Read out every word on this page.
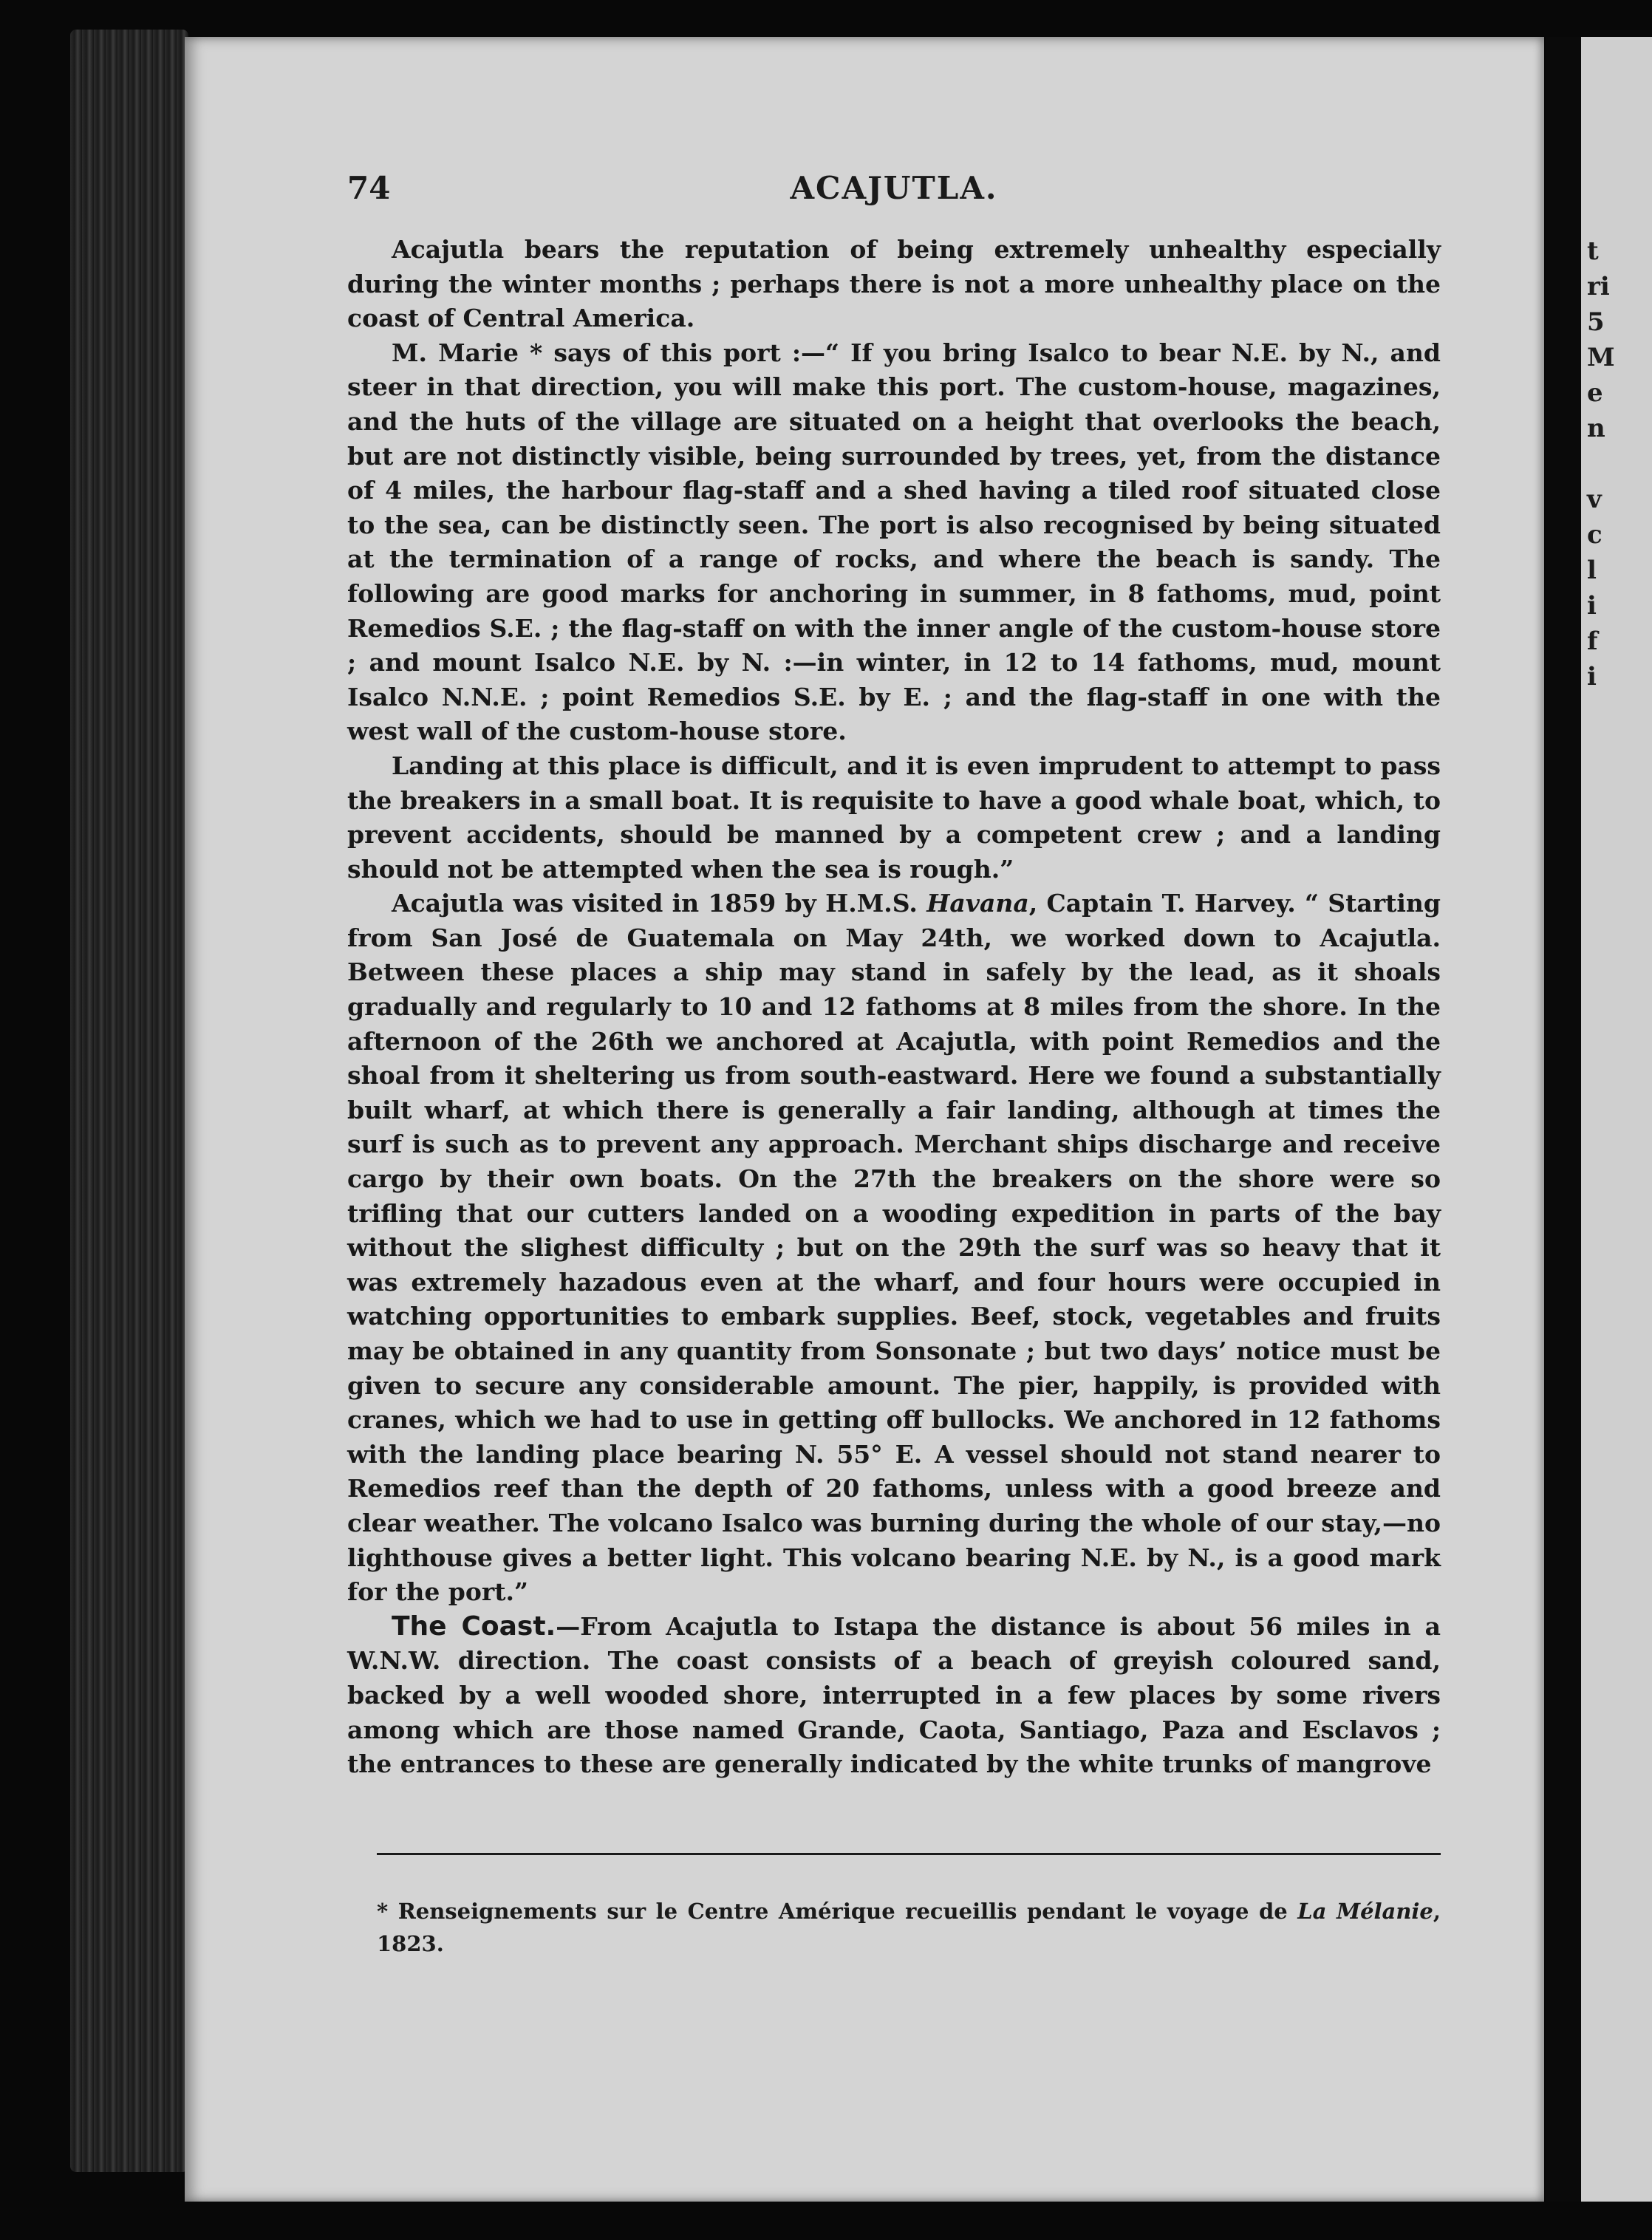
t
ri
5
M
e
n
v
c
l
i
f
i
74	ACAJUTLA.

Acajutla bears the reputation of being extremely unhealthy especially during the winter months ; perhaps there is not a more unhealthy place on the coast of Central America.

M. Marie * says of this port :—“ If you bring Isalco to bear N.E. by N., and steer in that direction, you will make this port. The custom-house, magazines, and the huts of the village are situated on a height that overlooks the beach, but are not distinctly visible, being surrounded by trees, yet, from the distance of 4 miles, the harbour flag-staff and a shed having a tiled roof situated close to the sea, can be distinctly seen. The port is also recognised by being situated at the termination of a range of rocks, and where the beach is sandy. The following are good marks for anchoring in summer, in 8 fathoms, mud, point Remedios S.E. ; the flag-staff on with the inner angle of the custom-house store ; and mount Isalco N.E. by N. :—in winter, in 12 to 14 fathoms, mud, mount Isalco N.N.E. ; point Remedios S.E. by E. ; and the flag-staff in one with the west wall of the custom-house store.

Landing at this place is difficult, and it is even imprudent to attempt to pass the breakers in a small boat. It is requisite to have a good whale boat, which, to prevent accidents, should be manned by a competent crew ; and a landing should not be attempted when the sea is rough.”

Acajutla was visited in 1859 by H.M.S. Havana, Captain T. Harvey. “ Starting from San José de Guatemala on May 24th, we worked down to Acajutla. Between these places a ship may stand in safely by the lead, as it shoals gradually and regularly to 10 and 12 fathoms at 8 miles from the shore. In the afternoon of the 26th we anchored at Acajutla, with point Remedios and the shoal from it sheltering us from south-eastward. Here we found a substantially built wharf, at which there is generally a fair landing, although at times the surf is such as to prevent any approach. Merchant ships discharge and receive cargo by their own boats. On the 27th the breakers on the shore were so trifling that our cutters landed on a wooding expedition in parts of the bay without the slighest difficulty ; but on the 29th the surf was so heavy that it was extremely hazadous even at the wharf, and four hours were occupied in watching opportunities to embark supplies. Beef, stock, vegetables and fruits may be obtained in any quantity from Sonsonate ; but two days’ notice must be given to secure any considerable amount. The pier, happily, is provided with cranes, which we had to use in getting off bullocks. We anchored in 12 fathoms with the landing place bearing N. 55° E. A vessel should not stand nearer to Remedios reef than the depth of 20 fathoms, unless with a good breeze and clear weather. The volcano Isalco was burning during the whole of our stay,—no lighthouse gives a better light. This volcano bearing N.E. by N., is a good mark for the port.”

The Coast.—From Acajutla to Istapa the distance is about 56 miles in a W.N.W. direction. The coast consists of a beach of greyish coloured sand, backed by a well wooded shore, interrupted in a few places by some rivers among which are those named Grande, Caota, Santiago, Paza and Esclavos ; the entrances to these are generally indicated by the white trunks of mangrove

* Renseignements sur le Centre Amérique recueillis pendant le voyage de La Mélanie, 1823.
